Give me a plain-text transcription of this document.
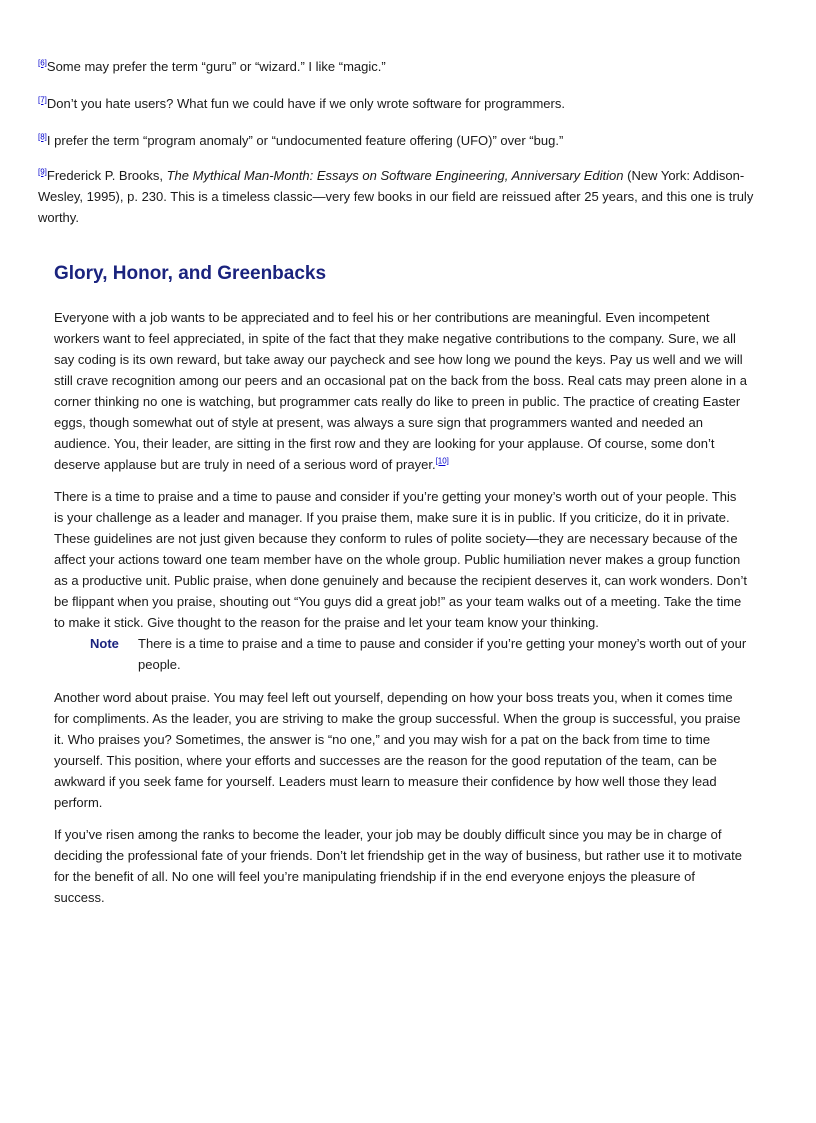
[6]Some may prefer the term “guru” or “wizard.” I like “magic.”
[7]Don’t you hate users? What fun we could have if we only wrote software for programmers.
[8]I prefer the term “program anomaly” or “undocumented feature offering (UFO)” over “bug.”
[9]Frederick P. Brooks, The Mythical Man-Month: Essays on Software Engineering, Anniversary Edition (New York: Addison-Wesley, 1995), p. 230. This is a timeless classic—very few books in our field are reissued after 25 years, and this one is truly worthy.
Glory, Honor, and Greenbacks

Everyone with a job wants to be appreciated and to feel his or her contributions are meaningful. Even incompetent workers want to feel appreciated, in spite of the fact that they make negative contributions to the company. Sure, we all say coding is its own reward, but take away our paycheck and see how long we pound the keys. Pay us well and we will still crave recognition among our peers and an occasional pat on the back from the boss. Real cats may preen alone in a corner thinking no one is watching, but programmer cats really do like to preen in public. The practice of creating Easter eggs, though somewhat out of style at present, was always a sure sign that programmers wanted and needed an audience. You, their leader, are sitting in the first row and they are looking for your applause. Of course, some don’t deserve applause but are truly in need of a serious word of prayer.[10]

There is a time to praise and a time to pause and consider if you’re getting your money’s worth out of your people. This is your challenge as a leader and manager. If you praise them, make sure it is in public. If you criticize, do it in private. These guidelines are not just given because they conform to rules of polite society—they are necessary because of the affect your actions toward one team member have on the whole group. Public humiliation never makes a group function as a productive unit. Public praise, when done genuinely and because the recipient deserves it, can work wonders. Don’t be flippant when you praise, shouting out “You guys did a great job!” as your team walks out of a meeting. Take the time to make it stick. Give thought to the reason for the praise and let your team know your thinking.

Note	There is a time to praise and a time to pause and consider if you’re getting your money’s worth out of your people.

Another word about praise. You may feel left out yourself, depending on how your boss treats you, when it comes time for compliments. As the leader, you are striving to make the group successful. When the group is successful, you praise it. Who praises you? Sometimes, the answer is “no one,” and you may wish for a pat on the back from time to time yourself. This position, where your efforts and successes are the reason for the good reputation of the team, can be awkward if you seek fame for yourself. Leaders must learn to measure their confidence by how well those they lead perform.

If you’ve risen among the ranks to become the leader, your job may be doubly difficult since you may be in charge of deciding the professional fate of your friends. Don’t let friendship get in the way of business, but rather use it to motivate for the benefit of all. No one will feel you’re manipulating friendship if in the end everyone enjoys the pleasure of success.
